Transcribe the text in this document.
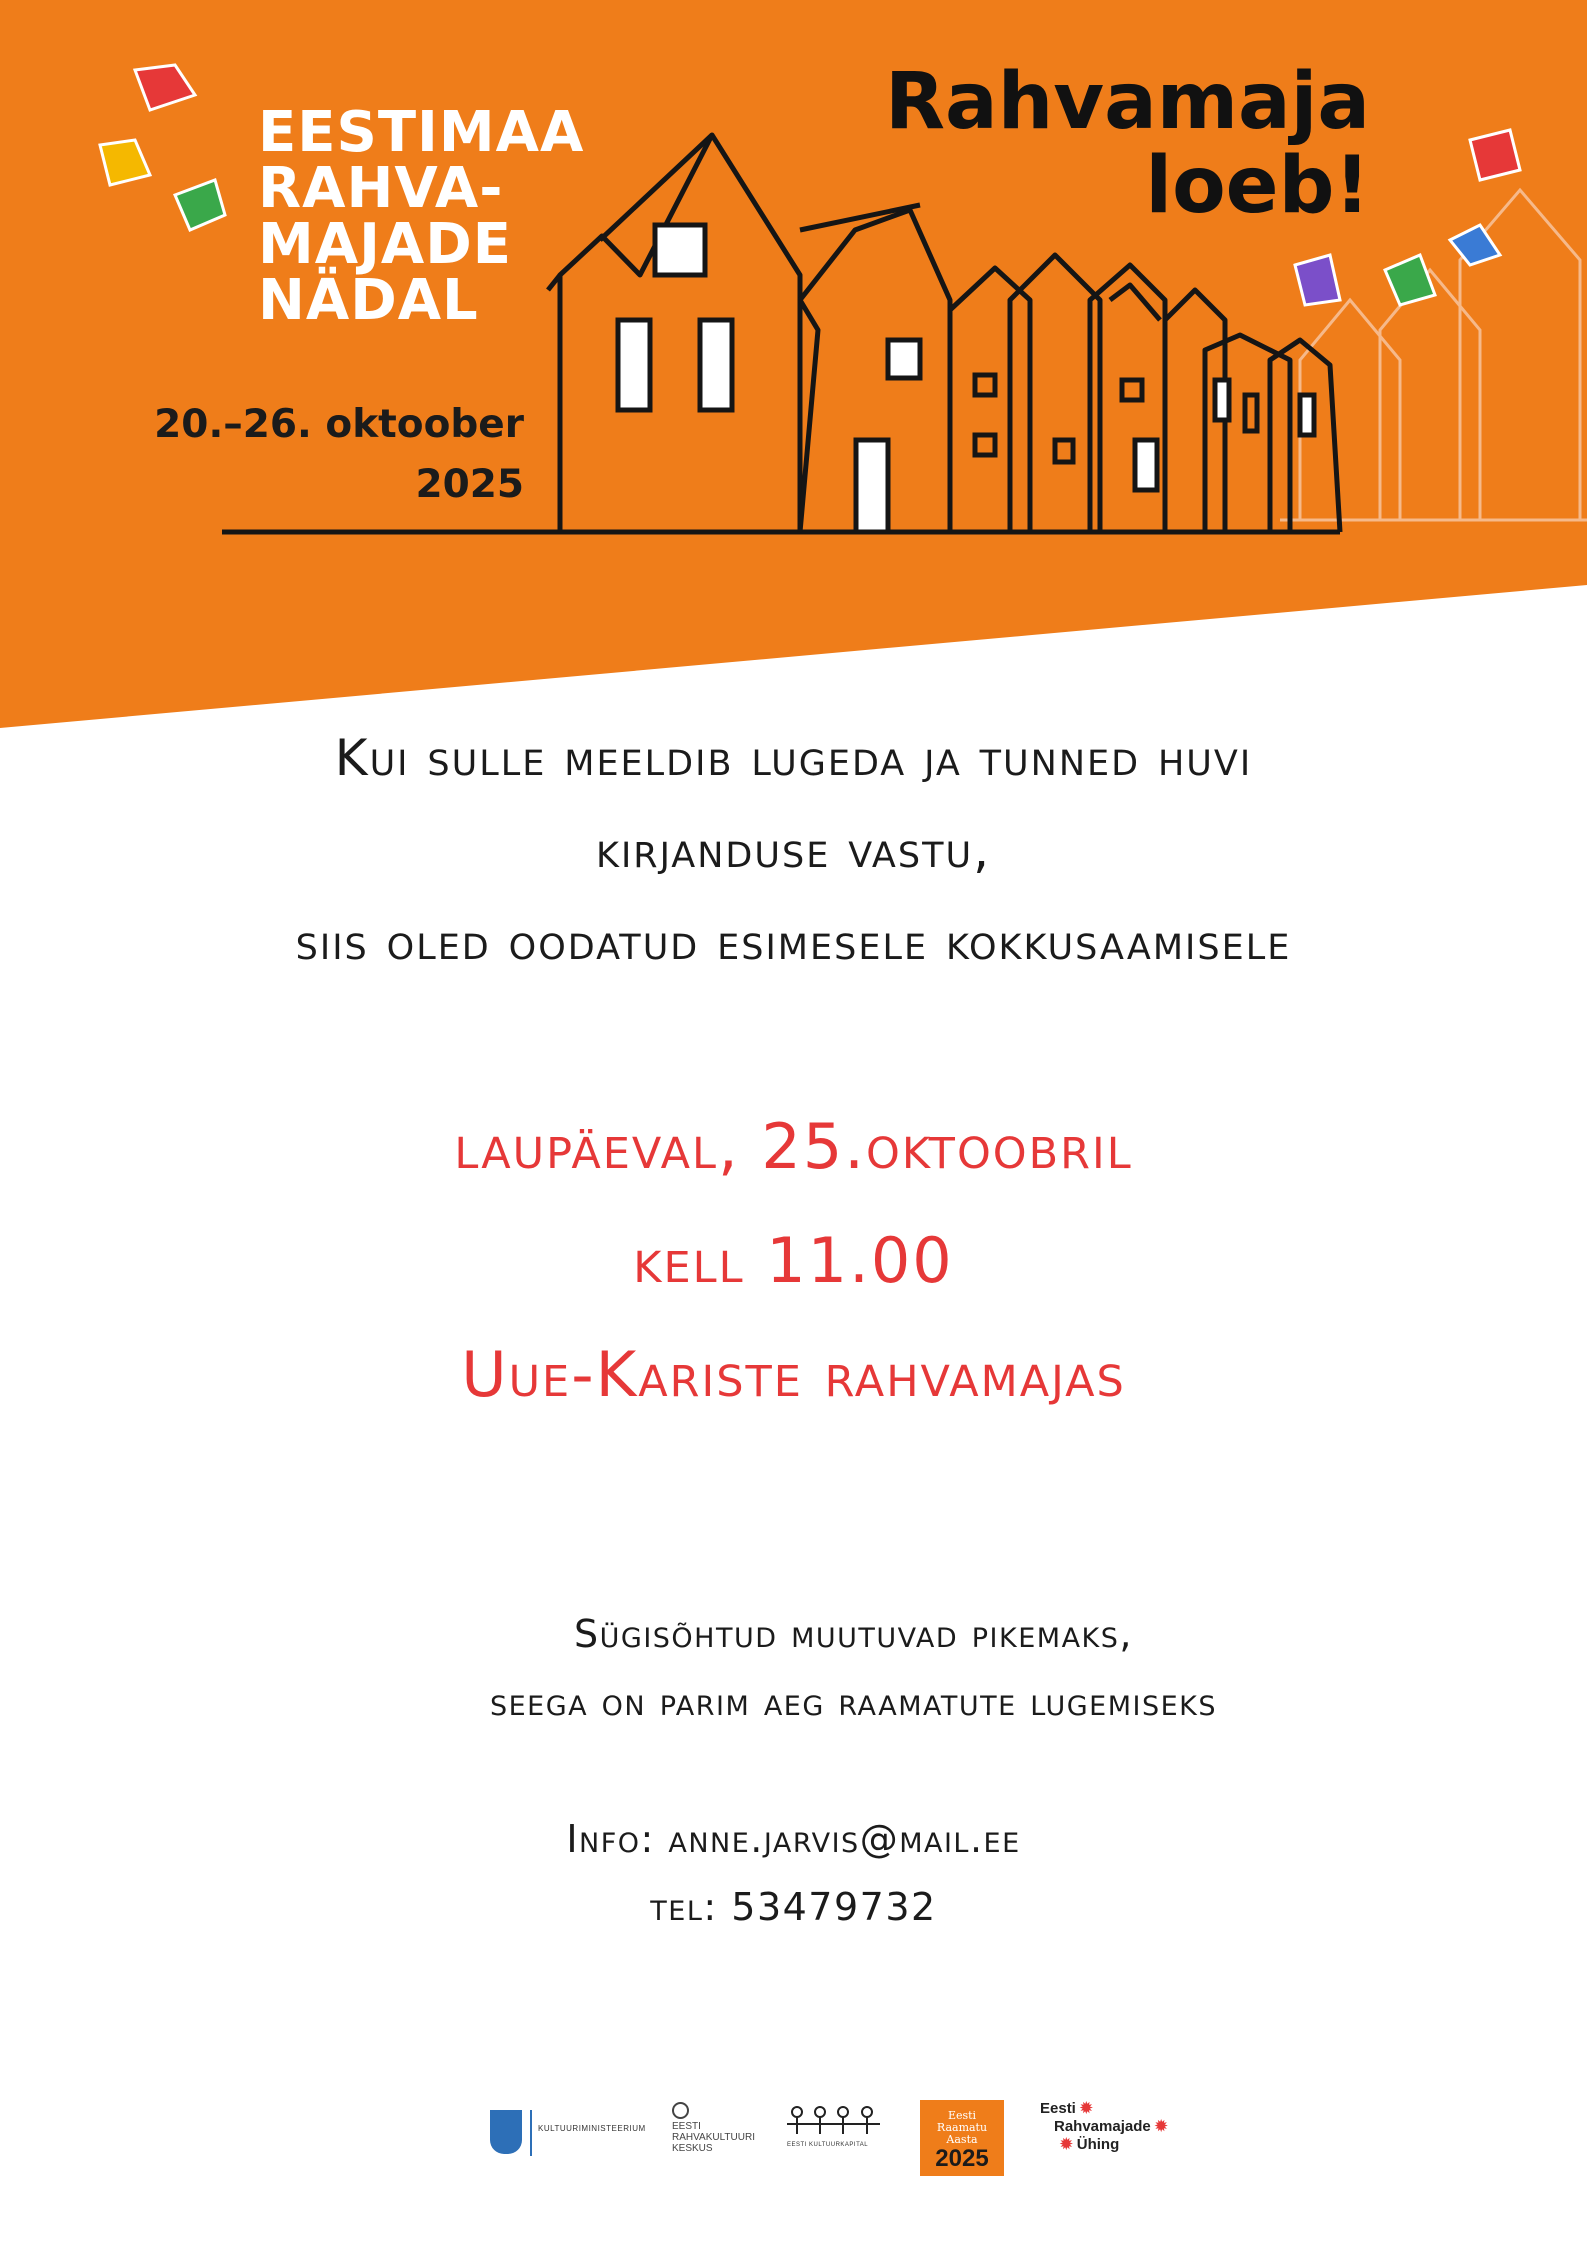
EESTIMAA
RAHVA-
MAJADE
NÄDAL
20.–26. oktoober
2025
Rahvamaja
loeb!
Kui sulle meeldib lugeda ja tunned huvi
kirjanduse vastu,
siis oled oodatud esimesele kokkusaamisele
laupäeval, 25.oktoobril
kell 11.00
Uue-Kariste rahvamajas
Sügisõhtud muutuvad pikemaks,
seega on parim aeg raamatute lugemiseks
Info: anne.jarvis@mail.ee
tel: 53479732
KULTUURIMINISTEERIUM	EESTI
RAHVAKULTUURI
KESKUS	EESTI KULTUURKAPITAL
Eesti
Raamatu
Aasta
2025
Eesti ✹
Rahvamajade ✹
✹ Ühing
